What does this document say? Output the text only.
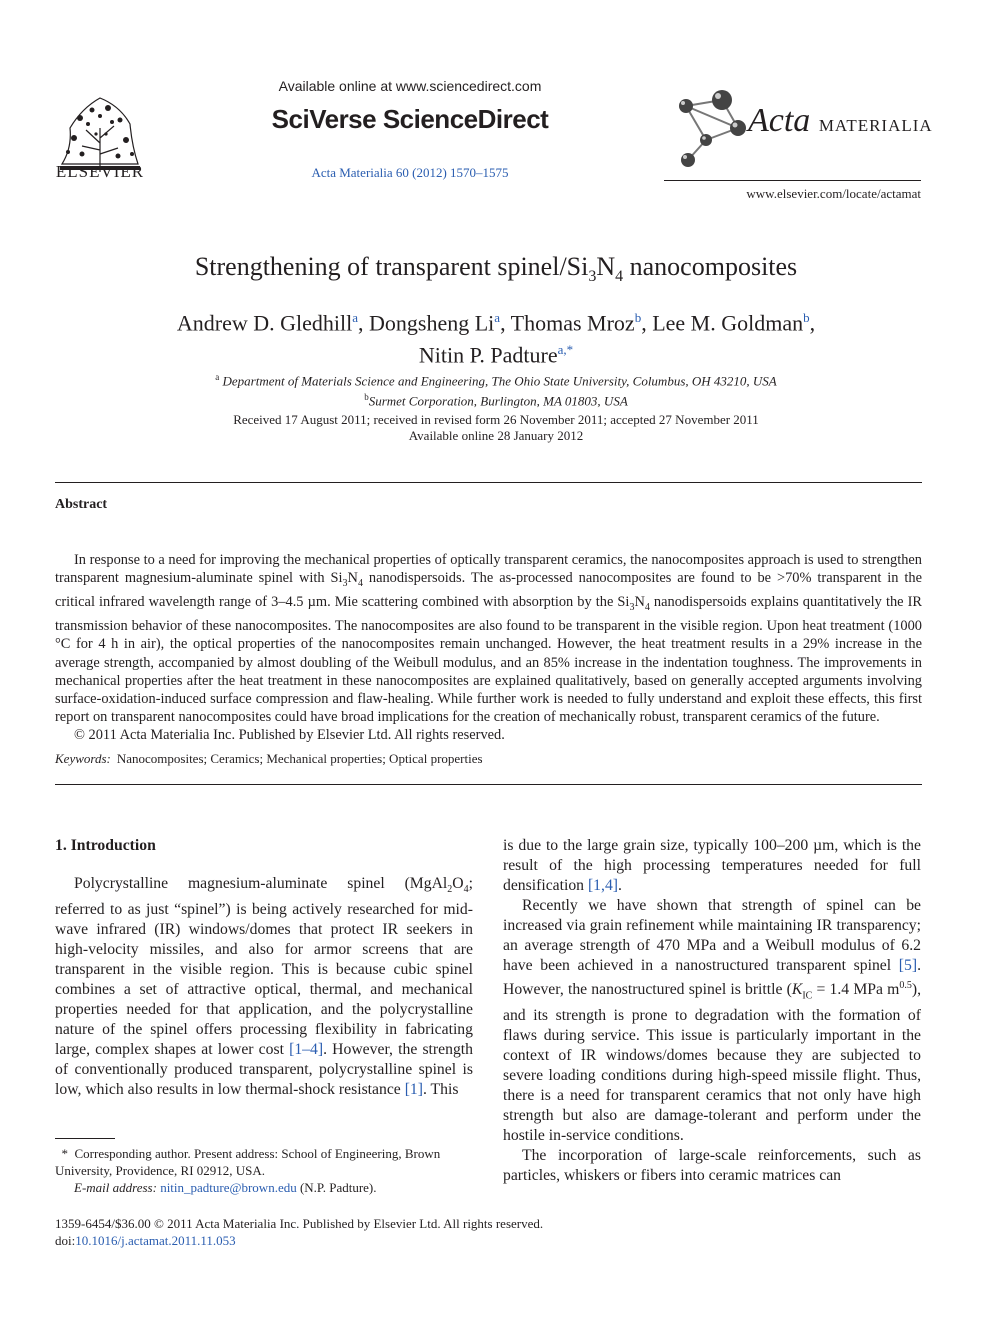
ELSEVIER
Available online at www.sciencedirect.com
SciVerse ScienceDirect
Acta Materialia 60 (2012) 1570–1575
Acta MATERIALIA
www.elsevier.com/locate/actamat
Strengthening of transparent spinel/$Si_3N_4$ nanocomposites
Andrew D. Gledhill$^a$, Dongsheng Li$^a$, Thomas Mroz$^b$, Lee M. Goldman$^b$,
Nitin P. Padture$^{a,*}$
$^a$ Department of Materials Science and Engineering, The Ohio State University, Columbus, OH 43210, USA
$^b$Surmet Corporation, Burlington, MA 01803, USA
Received 17 August 2011; received in revised form 26 November 2011; accepted 27 November 2011
Available online 28 January 2012
Abstract

In response to a need for improving the mechanical properties of optically transparent ceramics, the nanocomposites approach is used to strengthen transparent magnesium-aluminate spinel with $Si_3N_4$ nanodispersoids. The as-processed nanocomposites are found to be >70% transparent in the critical infrared wavelength range of 3–4.5 µm. Mie scattering combined with absorption by the $Si_3N_4$ nanodispersoids explains quantitatively the IR transmission behavior of these nanocomposites. The nanocomposites are also found to be transparent in the visible region. Upon heat treatment (1000 °C for 4 h in air), the optical properties of the nanocomposites remain unchanged. However, the heat treatment results in a 29% increase in the average strength, accompanied by almost doubling of the Weibull modulus, and an 85% increase in the indentation toughness. The improvements in mechanical properties after the heat treatment in these nanocomposites are explained qualitatively, based on generally accepted arguments involving surface-oxidation-induced surface compression and flaw-healing. While further work is needed to fully understand and exploit these effects, this first report on transparent nanocomposites could have broad implications for the creation of mechanically robust, transparent ceramics of the future.

© 2011 Acta Materialia Inc. Published by Elsevier Ltd. All rights reserved.

Keywords: Nanocomposites; Ceramics; Mechanical properties; Optical properties

1. Introduction

Polycrystalline magnesium-aluminate spinel ($MgAl_2O_4$; referred to as just “spinel”) is being actively researched for mid-wave infrared (IR) windows/domes that protect IR seekers in high-velocity missiles, and also for armor screens that are transparent in the visible region. This is because cubic spinel combines a set of attractive optical, thermal, and mechanical properties needed for that application, and the polycrystalline nature of the spinel offers processing flexibility in fabricating large, complex shapes at lower cost [1–4]. However, the strength of conventionally produced transparent, polycrystalline spinel is low, which also results in low thermal-shock resistance [1]. This

is due to the large grain size, typically 100–200 µm, which is the result of the high processing temperatures needed for full densification [1,4].

Recently we have shown that strength of spinel can be increased via grain refinement while maintaining IR transparency; an average strength of 470 MPa and a Weibull modulus of 6.2 have been achieved in a nanostructured transparent spinel [5]. However, the nanostructured spinel is brittle ($K_{IC} = 1.4$ MPa $m^{0.5}$), and its strength is prone to degradation with the formation of flaws during service. This issue is particularly important in the context of IR windows/domes because they are subjected to severe loading conditions during high-speed missile flight. Thus, there is a need for transparent ceramics that not only have high strength but also are damage-tolerant and perform under the hostile in-service conditions.

The incorporation of large-scale reinforcements, such as particles, whiskers or fibers into ceramic matrices can

* Corresponding author. Present address: School of Engineering, Brown University, Providence, RI 02912, USA.

E-mail address: nitin_padture@brown.edu (N.P. Padture).

1359-6454/$36.00 © 2011 Acta Materialia Inc. Published by Elsevier Ltd. All rights reserved.
doi:10.1016/j.actamat.2011.11.053
